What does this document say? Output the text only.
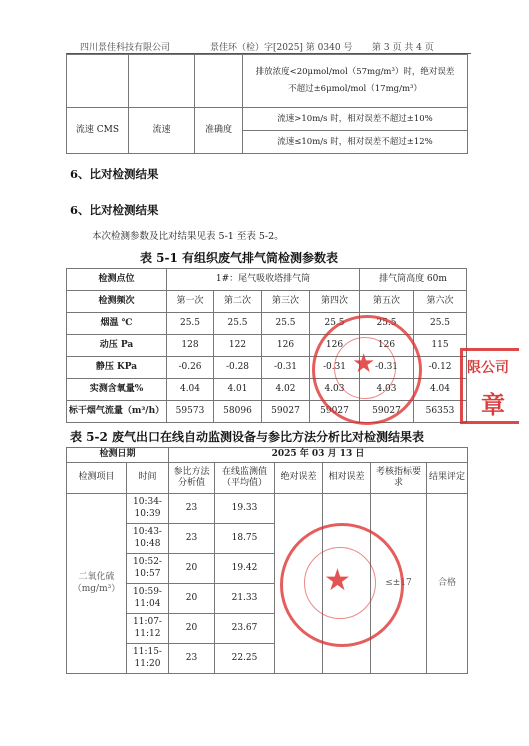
四川景佳科技有限公司	景佳环（检）字[2025] 第 0340 号 第 3 页 共 4 页

			排放浓度<20μmol/mol（57mg/m³）时，绝对误差
不超过±6μmol/mol（17mg/m³）

流速 CMS	流速	准确度	流速>10m/s 时，相对误差不超过±10%
			流速≤10m/s 时，相对误差不超过±12%
6、比对检测结果
6、比对检测结果
本次检测参数及比对结果见表 5-1 至表 5-2。
表 5-1 有组织废气排气筒检测参数表
检测点位	1#：尾气吸收塔排气筒				排气筒高度 60m	
检测频次	第一次	第二次	第三次	第四次	第五次	第六次
烟温 ℃	25.5	25.5	25.5	25.5	25.5	25.5
动压 Pa	128	122	126	126	126	115
静压 KPa	-0.26	-0.28	-0.31	-0.31	-0.31	-0.12
实测含氧量%	4.04	4.01	4.02	4.03	4.03	4.04
标干烟气流量（m³/h）	59573	58096	59027	59027	59027	56353
表 5-2 废气出口在线自动监测设备与参比方法分析比对检测结果表
检测日期		2025 年 03 月 13 日					
检测项目	时间	参比方法分析值	在线监测值（平均值）	绝对误差	相对误差	考核指标要求	结果评定

二氧化硫
（mg/m³）	10:34-10:39	23	19.33			≤±17	合格
	10:43-10:48	23	18.75				
	10:52-10:57	20	19.42				
	10:59-11:04	20	21.33				
	11:07-11:12	20	23.67				
	11:15-11:20	23	22.25				
★
★
限公司
章
